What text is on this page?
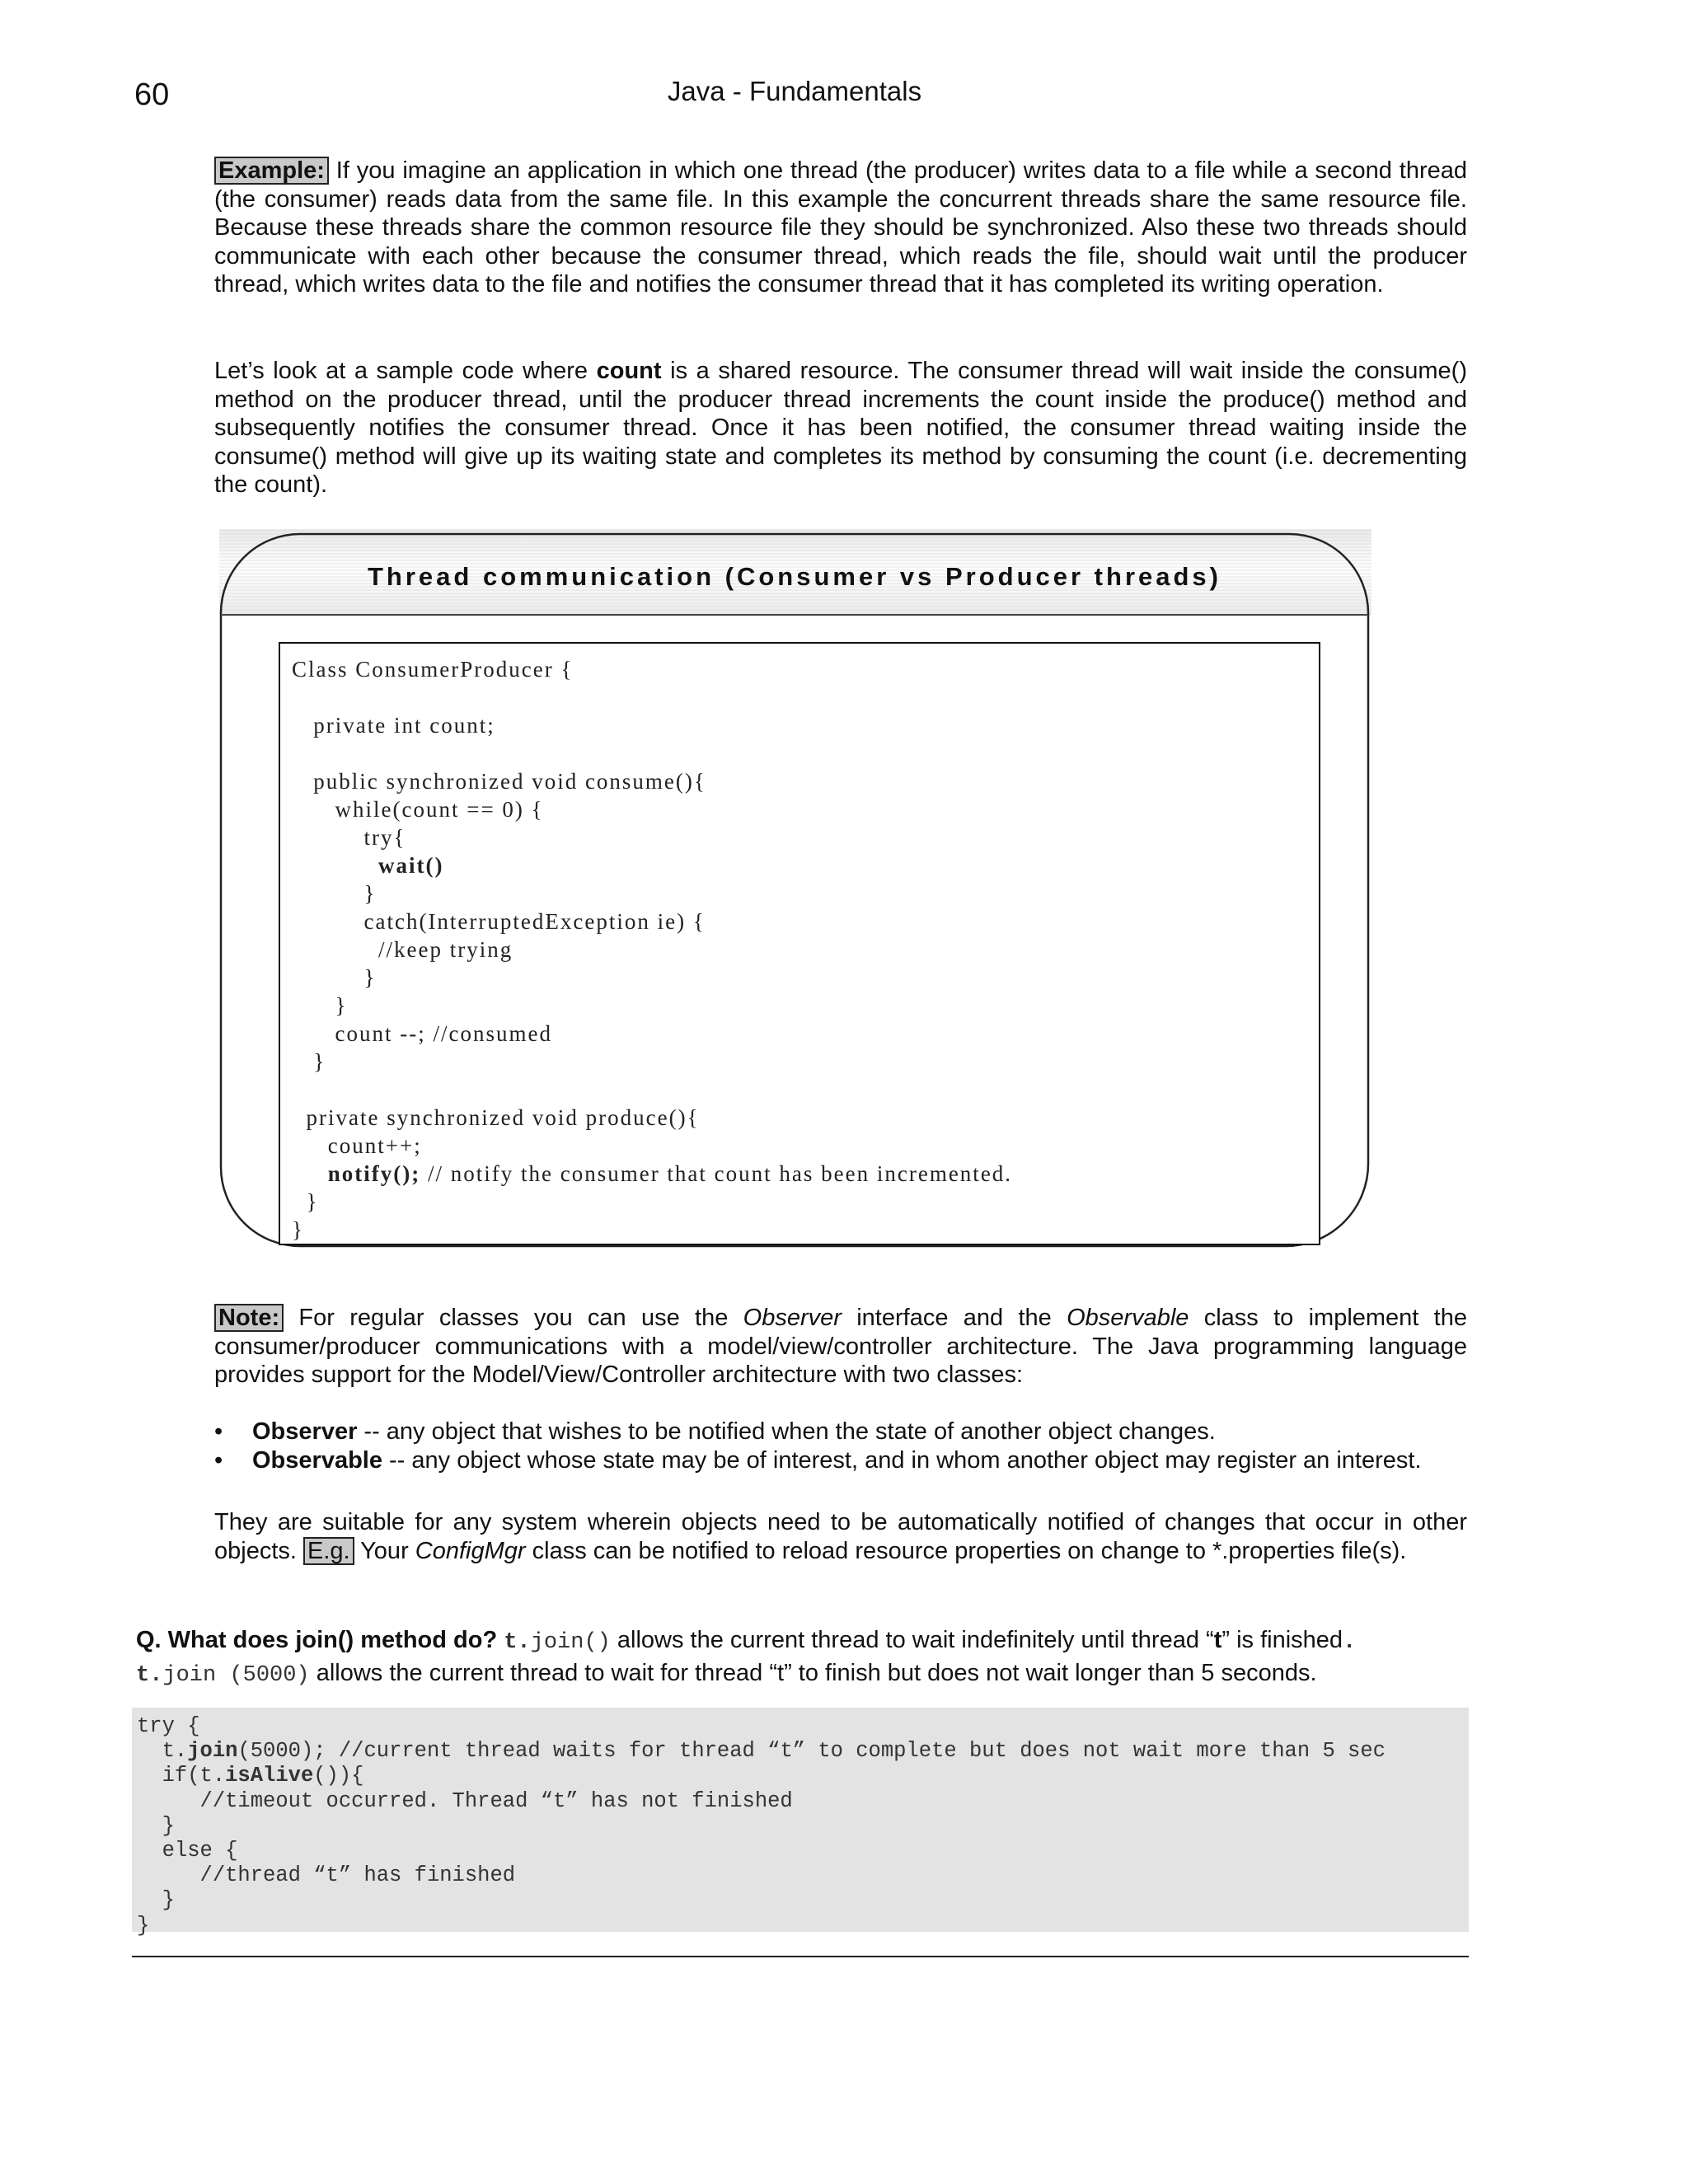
60	Java - Fundamentals

Example: If you imagine an application in which one thread (the producer) writes data to a file while a second thread (the consumer) reads data from the same file. In this example the concurrent threads share the same resource file. Because these threads share the common resource file they should be synchronized. Also these two threads should communicate with each other because the consumer thread, which reads the file, should wait until the producer thread, which writes data to the file and notifies the consumer thread that it has completed its writing operation.

Let’s look at a sample code where count is a shared resource. The consumer thread will wait inside the consume() method on the producer thread, until the producer thread increments the count inside the produce() method and subsequently notifies the consumer thread. Once it has been notified, the consumer thread waiting inside the consume() method will give up its waiting state and completes its method by consuming the count (i.e. decrementing the count).

Thread communication (Consumer vs Producer threads)
Class ConsumerProducer {

private int count;

public synchronized void consume(){
while(count == 0) {
try{
wait()
}
catch(InterruptedException ie) {
//keep trying
}
}
count --; //consumed
}

private synchronized void produce(){
count++;
notify(); // notify the consumer that count has been incremented.
}
}

Note: For regular classes you can use the Observer interface and the Observable class to implement the consumer/producer communications with a model/view/controller architecture. The Java programming language provides support for the Model/View/Controller architecture with two classes:

• Observer -- any object that wishes to be notified when the state of another object changes.
• Observable -- any object whose state may be of interest, and in whom another object may register an interest.

They are suitable for any system wherein objects need to be automatically notified of changes that occur in other objects. E.g. Your ConfigMgr class can be notified to reload resource properties on change to *.properties file(s).

Q. What does join() method do? t.join() allows the current thread to wait indefinitely until thread “t” is finished.
t.join (5000) allows the current thread to wait for thread “t” to finish but does not wait longer than 5 seconds.

try {
t.join(5000); //current thread waits for thread “t” to complete but does not wait more than 5 sec
if(t.isAlive()){
//timeout occurred. Thread “t” has not finished
}
else {
//thread “t” has finished
}
}
